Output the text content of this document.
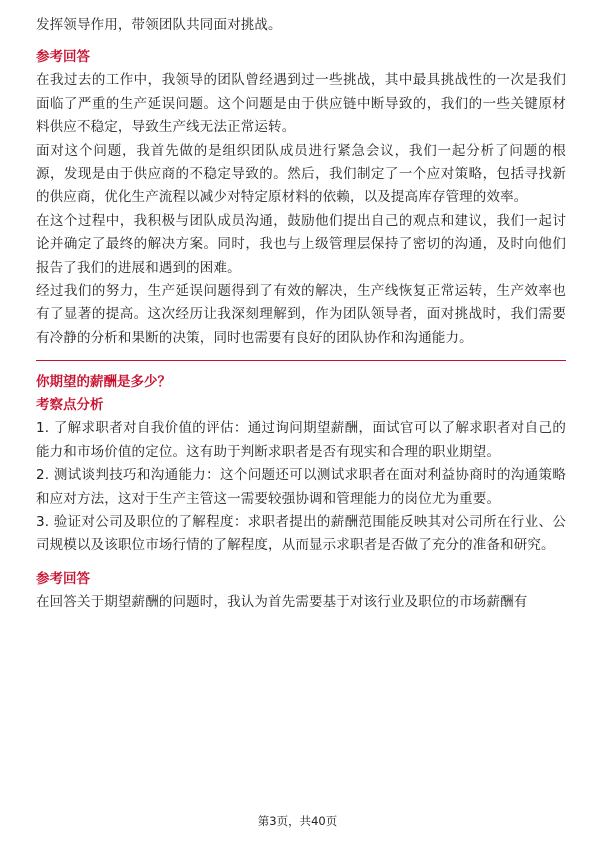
发挥领导作用，带领团队共同面对挑战。

参考回答

在我过去的工作中，我领导的团队曾经遇到过一些挑战，其中最具挑战性的一次是我们面临了严重的生产延误问题。这个问题是由于供应链中断导致的，我们的一些关键原材料供应不稳定，导致生产线无法正常运转。

面对这个问题，我首先做的是组织团队成员进行紧急会议，我们一起分析了问题的根源，发现是由于供应商的不稳定导致的。然后，我们制定了一个应对策略，包括寻找新的供应商，优化生产流程以减少对特定原材料的依赖，以及提高库存管理的效率。

在这个过程中，我积极与团队成员沟通，鼓励他们提出自己的观点和建议，我们一起讨论并确定了最终的解决方案。同时，我也与上级管理层保持了密切的沟通，及时向他们报告了我们的进展和遇到的困难。

经过我们的努力，生产延误问题得到了有效的解决，生产线恢复正常运转，生产效率也有了显著的提高。这次经历让我深刻理解到，作为团队领导者，面对挑战时，我们需要有冷静的分析和果断的决策，同时也需要有良好的团队协作和沟通能力。

你期望的薪酬是多少？
考察点分析

1. 了解求职者对自我价值的评估：通过询问期望薪酬，面试官可以了解求职者对自己的能力和市场价值的定位。这有助于判断求职者是否有现实和合理的职业期望。

2. 测试谈判技巧和沟通能力：这个问题还可以测试求职者在面对利益协商时的沟通策略和应对方法，这对于生产主管这一需要较强协调和管理能力的岗位尤为重要。

3. 验证对公司及职位的了解程度：求职者提出的薪酬范围能反映其对公司所在行业、公司规模以及该职位市场行情的了解程度，从而显示求职者是否做了充分的准备和研究。

参考回答

在回答关于期望薪酬的问题时，我认为首先需要基于对该行业及职位的市场薪酬有

第3页，共40页
